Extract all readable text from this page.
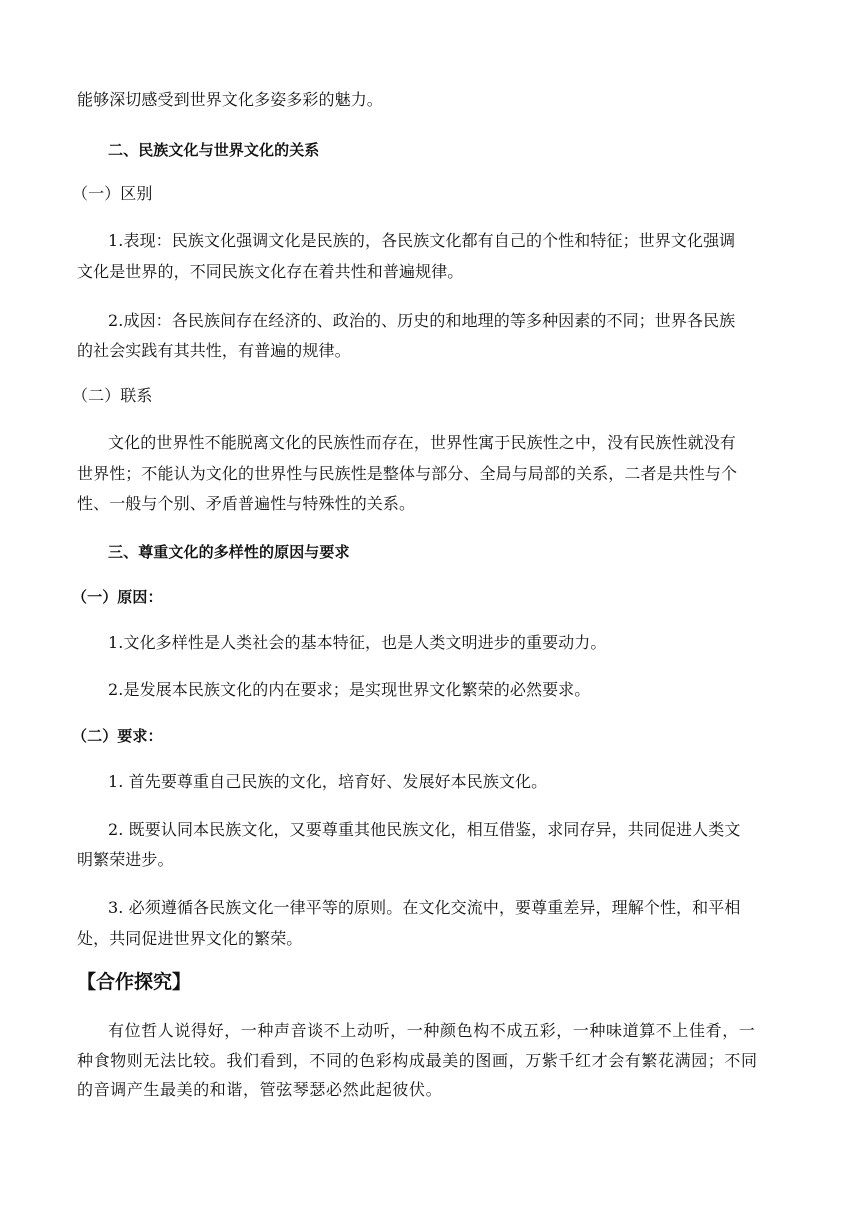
能够深切感受到世界文化多姿多彩的魅力。
二、民族文化与世界文化的关系
（一）区别
1.表现：民族文化强调文化是民族的，各民族文化都有自己的个性和特征；世界文化强调
文化是世界的，不同民族文化存在着共性和普遍规律。
2.成因：各民族间存在经济的、政治的、历史的和地理的等多种因素的不同；世界各民族
的社会实践有其共性，有普遍的规律。
（二）联系
文化的世界性不能脱离文化的民族性而存在，世界性寓于民族性之中，没有民族性就没有
世界性；不能认为文化的世界性与民族性是整体与部分、全局与局部的关系，二者是共性与个
性、一般与个别、矛盾普遍性与特殊性的关系。
三、尊重文化的多样性的原因与要求
（一）原因：
1.文化多样性是人类社会的基本特征，也是人类文明进步的重要动力。
2.是发展本民族文化的内在要求；是实现世界文化繁荣的必然要求。
（二）要求：
1. 首先要尊重自己民族的文化，培育好、发展好本民族文化。
2. 既要认同本民族文化，又要尊重其他民族文化，相互借鉴，求同存异，共同促进人类文
明繁荣进步。
3. 必须遵循各民族文化一律平等的原则。在文化交流中，要尊重差异，理解个性，和平相
处，共同促进世界文化的繁荣。
【合作探究】
有位哲人说得好，一种声音谈不上动听，一种颜色构不成五彩，一种味道算不上佳肴，一
种食物则无法比较。我们看到，不同的色彩构成最美的图画，万紫千红才会有繁花满园；不同
的音调产生最美的和谐，管弦琴瑟必然此起彼伏。
